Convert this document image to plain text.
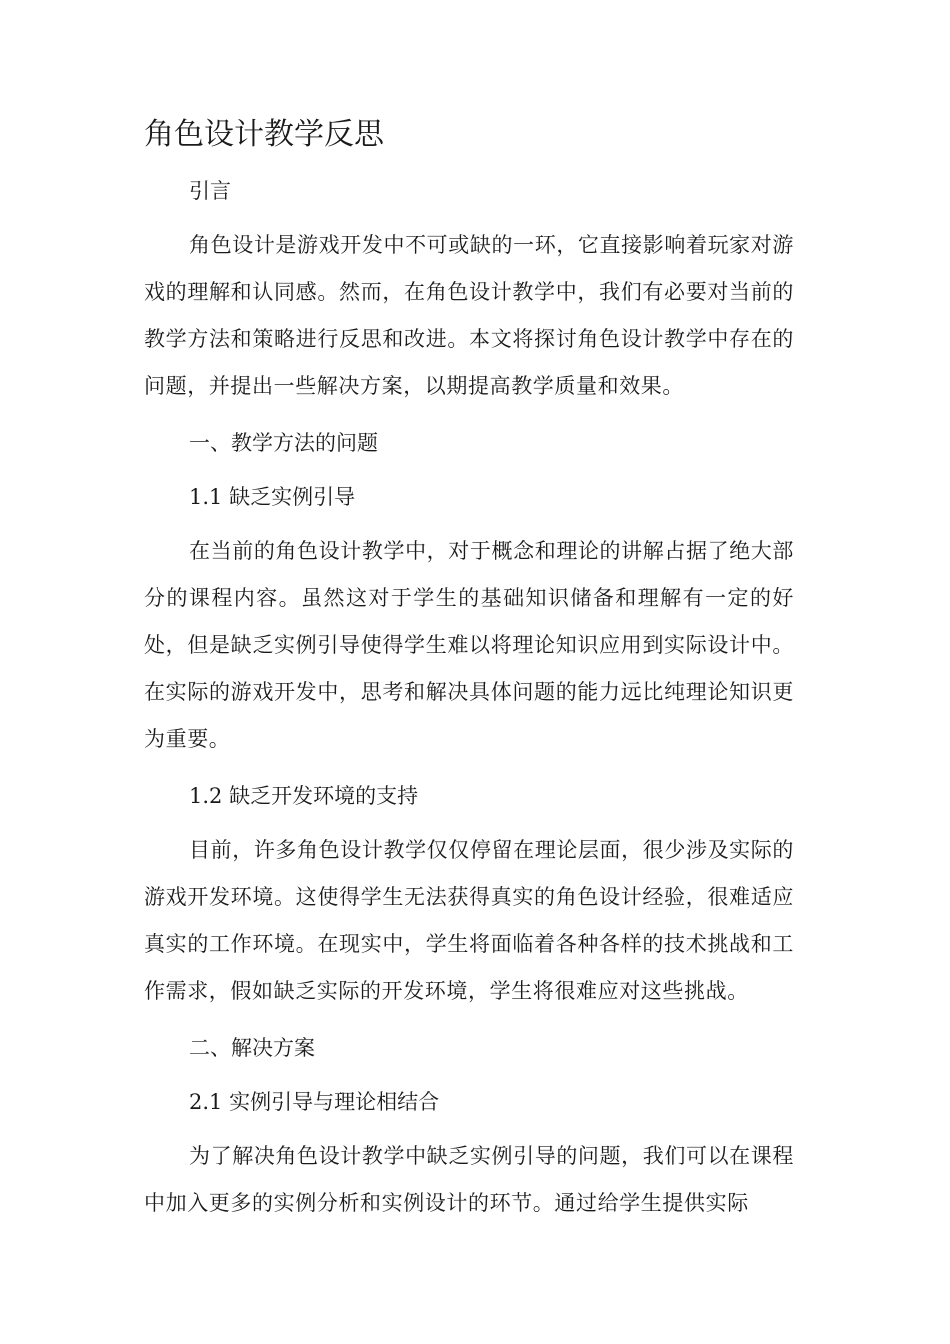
角色设计教学反思

引言

角色设计是游戏开发中不可或缺的一环，它直接影响着玩家对游戏的理解和认同感。然而，在角色设计教学中，我们有必要对当前的教学方法和策略进行反思和改进。本文将探讨角色设计教学中存在的问题，并提出一些解决方案，以期提高教学质量和效果。

一、教学方法的问题

1.1 缺乏实例引导

在当前的角色设计教学中，对于概念和理论的讲解占据了绝大部分的课程内容。虽然这对于学生的基础知识储备和理解有一定的好处，但是缺乏实例引导使得学生难以将理论知识应用到实际设计中。在实际的游戏开发中，思考和解决具体问题的能力远比纯理论知识更为重要。

1.2 缺乏开发环境的支持

目前，许多角色设计教学仅仅停留在理论层面，很少涉及实际的游戏开发环境。这使得学生无法获得真实的角色设计经验，很难适应真实的工作环境。在现实中，学生将面临着各种各样的技术挑战和工作需求，假如缺乏实际的开发环境，学生将很难应对这些挑战。

二、解决方案

2.1 实例引导与理论相结合

为了解决角色设计教学中缺乏实例引导的问题，我们可以在课程中加入更多的实例分析和实例设计的环节。通过给学生提供实际
